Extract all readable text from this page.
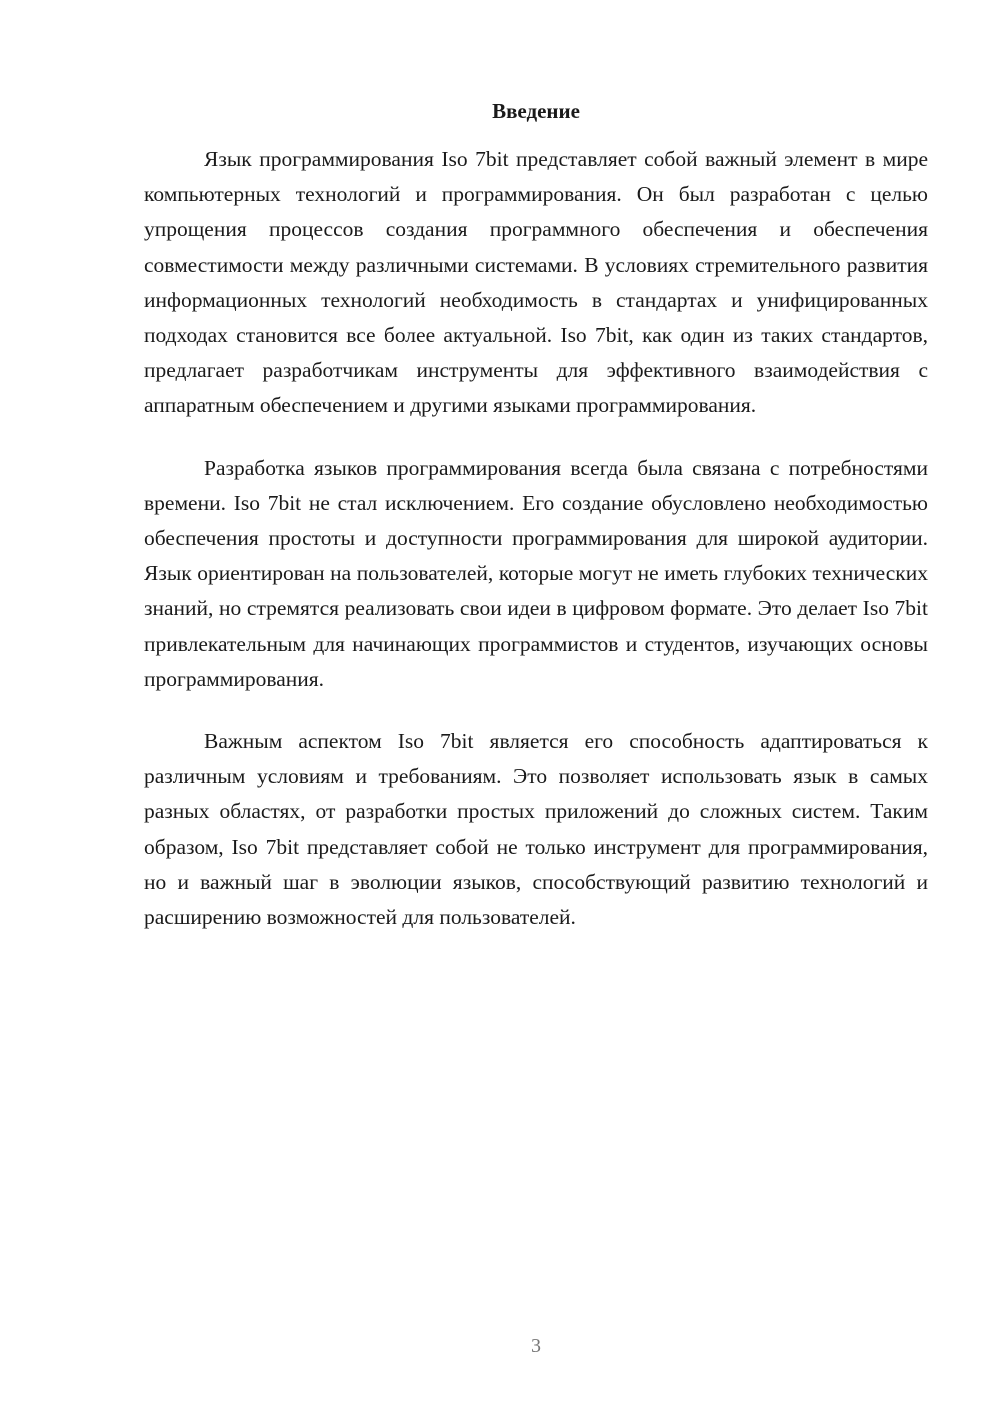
Введение

Язык программирования Iso 7bit представляет собой важный элемент в мире компьютерных технологий и программирования. Он был разработан с целью упрощения процессов создания программного обеспечения и обеспечения совместимости между различными системами. В условиях стремительного развития информационных технологий необходимость в стандартах и унифицированных подходах становится все более актуальной. Iso 7bit, как один из таких стандартов, предлагает разработчикам инструменты для эффективного взаимодействия с аппаратным обеспечением и другими языками программирования.

Разработка языков программирования всегда была связана с потребностями времени. Iso 7bit не стал исключением. Его создание обусловлено необходимостью обеспечения простоты и доступности программирования для широкой аудитории. Язык ориентирован на пользователей, которые могут не иметь глубоких технических знаний, но стремятся реализовать свои идеи в цифровом формате. Это делает Iso 7bit привлекательным для начинающих программистов и студентов, изучающих основы программирования.

Важным аспектом Iso 7bit является его способность адаптироваться к различным условиям и требованиям. Это позволяет использовать язык в самых разных областях, от разработки простых приложений до сложных систем. Таким образом, Iso 7bit представляет собой не только инструмент для программирования, но и важный шаг в эволюции языков, способствующий развитию технологий и расширению возможностей для пользователей.

3
